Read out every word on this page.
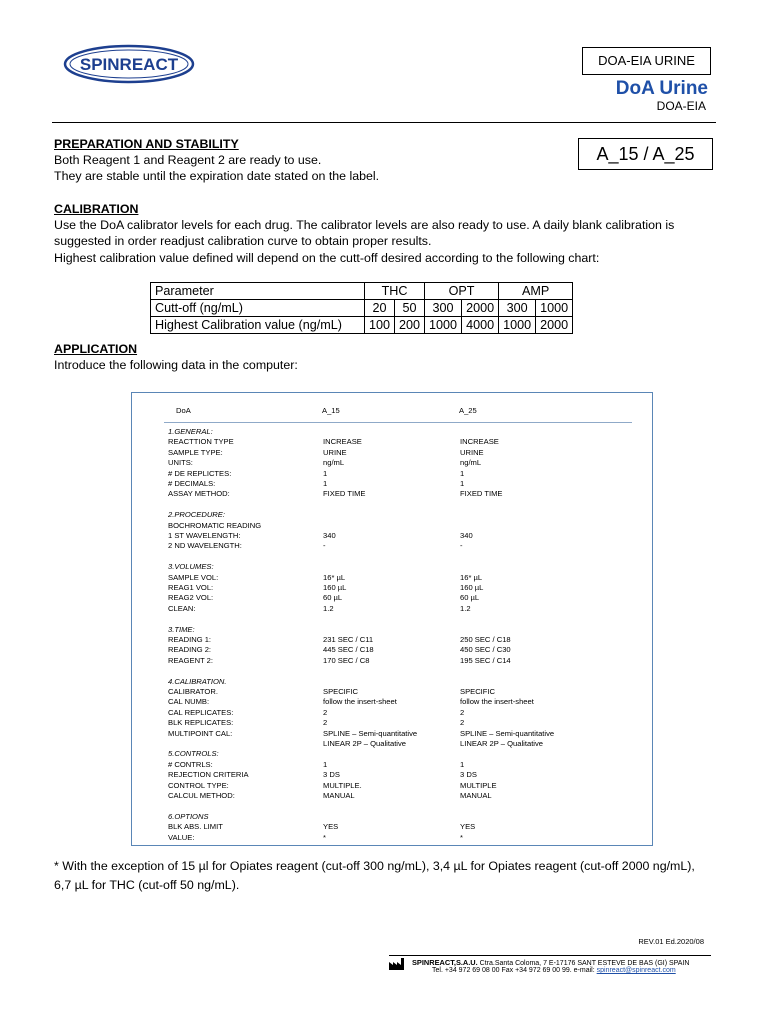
SPINREACT	DOA-EIA URINE
DoA Urine
DOA-EIA
A_15 / A_25
PREPARATION AND STABILITY
Both Reagent 1 and Reagent 2 are ready to use.
They are stable until the expiration date stated on the label.
CALIBRATION
Use the DoA calibrator levels for each drug. The calibrator levels are also ready to use. A daily blank calibration is
suggested in order readjust calibration curve to obtain proper results.
Highest calibration value defined will depend on the cutt-off desired according to the following chart:
Parameter	THC		OPT		AMP	
Cutt-off (ng/mL)	20	50	300	2000	300	1000
Highest Calibration value (ng/mL)	100	200	1000	4000	1000	2000
APPLICATION
Introduce the following data in the computer:
DoA	A_15	A_25
1.GENERAL:
REACTTION TYPE	INCREASE	INCREASE
SAMPLE TYPE:	URINE	URINE
UNITS:	ng/mL	ng/mL
# DE REPLICTES:	1	1
# DECIMALS:	1	1
ASSAY METHOD:	FIXED TIME	FIXED TIME
2.PROCEDURE:
BOCHROMATIC READING
1 ST WAVELENGTH:	340	340
2 ND WAVELENGTH:	-	-
3.VOLUMES:
SAMPLE VOL:	16* µL	16* µL
REAG1 VOL:	160 µL	160 µL
REAG2 VOL:	60 µL	60 µL
CLEAN:	1.2	1.2
3.TIME:
READING 1:	231 SEC / C11	250 SEC / C18
READING 2:	445 SEC / C18	450 SEC / C30
REAGENT 2:	170 SEC / C8	195 SEC / C14
4.CALIBRATION.
CALIBRATOR.	SPECIFIC	SPECIFIC
CAL NUMB:	follow the insert-sheet	follow the insert-sheet
CAL REPLICATES:	2	2
BLK REPLICATES:	2	2
MULTIPOINT CAL:	SPLINE – Semi-quantitative	SPLINE – Semi-quantitative
LINEAR 2P – Qualitative	LINEAR 2P – Qualitative
5.CONTROLS:
# CONTRLS:	1	1
REJECTION CRITERIA	3 DS	3 DS
CONTROL TYPE:	MULTIPLE.	MULTIPLE
CALCUL METHOD:	MANUAL	MANUAL
6.OPTIONS
BLK ABS. LIMIT	YES	YES
VALUE:	*	*
* With the exception of 15 µl for Opiates reagent (cut-off 300 ng/mL), 3,4 µL for Opiates reagent (cut-off 2000 ng/mL), 6,7 µL for THC (cut-off 50 ng/mL).
REV.01 Ed.2020/08
SPINREACT,S.A.U. Ctra.Santa Coloma, 7 E-17176 SANT ESTEVE DE BAS (GI) SPAIN
Tel. +34 972 69 08 00 Fax +34 972 69 00 99. e-mail: spinreact@spinreact.com
